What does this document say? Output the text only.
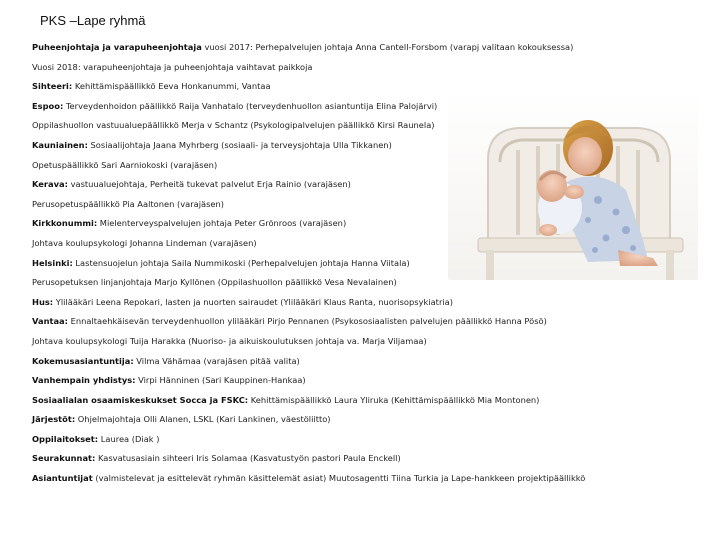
PKS –Lape ryhmä
Puheenjohtaja ja varapuheenjohtaja vuosi 2017: Perhepalvelujen johtaja Anna Cantell-Forsbom (varapj valitaan kokouksessa)
Vuosi 2018: varapuheenjohtaja ja puheenjohtaja vaihtavat paikkoja
Sihteeri: Kehittämispäällikkö Eeva Honkanummi, Vantaa
Espoo: Terveydenhoidon päällikkö Raija Vanhatalo (terveydenhuollon asiantuntija Elina Palojärvi)
Oppilashuollon vastuualuepäällikkö Merja v Schantz (Psykologipalvelujen päällikkö Kirsi Raunela)
Kauniainen: Sosiaalijohtaja Jaana Myhrberg (sosiaali- ja terveysjohtaja Ulla Tikkanen)
Opetuspäällikkö Sari Aarniokoski (varajäsen)
Kerava: vastuualuejohtaja, Perheitä tukevat palvelut Erja Rainio (varajäsen)
Perusopetuspäällikkö Pia Aaltonen (varajäsen)
Kirkkonummi: Mielenterveyspalvelujen johtaja Peter Grönroos (varajäsen)
Johtava koulupsykologi Johanna Lindeman (varajäsen)
Helsinki: Lastensuojelun johtaja Saila Nummikoski (Perhepalvelujen johtaja Hanna Viitala)
Perusopetuksen linjanjohtaja Marjo Kyllönen (Oppilashuollon päällikkö Vesa Nevalainen)
Hus: Ylilääkäri Leena Repokari, lasten ja nuorten sairaudet (Ylilääkäri Klaus Ranta, nuorisopsykiatria)
Vantaa: Ennaltaehkäisevän terveydenhuollon ylilääkäri Pirjo Pennanen (Psykososiaalisten palvelujen päällikkö Hanna Pösö)
Johtava koulupsykologi Tuija Harakka (Nuoriso- ja aikuiskoulutuksen johtaja va. Marja Viljamaa)
Kokemusasiantuntija: Vilma Vähämaa (varajäsen pitää valita)
Vanhempain yhdistys: Virpi Hänninen (Sari Kauppinen-Hankaa)
Sosiaalialan osaamiskeskukset Socca ja FSKC: Kehittämispäällikkö Laura Yliruka (Kehittämispäällikkö Mia Montonen)
Järjestöt: Ohjelmajohtaja Olli Alanen, LSKL (Kari Lankinen, väestöliitto)
Oppilaitokset: Laurea (Diak )
Seurakunnat: Kasvatusasiain sihteeri Iris Solamaa (Kasvatustyön pastori Paula Enckell)
Asiantuntijat (valmistelevat ja esittelevät ryhmän käsittelemät asiat) Muutosagentti Tiina Turkia ja Lape-hankkeen projektipäällikkö
